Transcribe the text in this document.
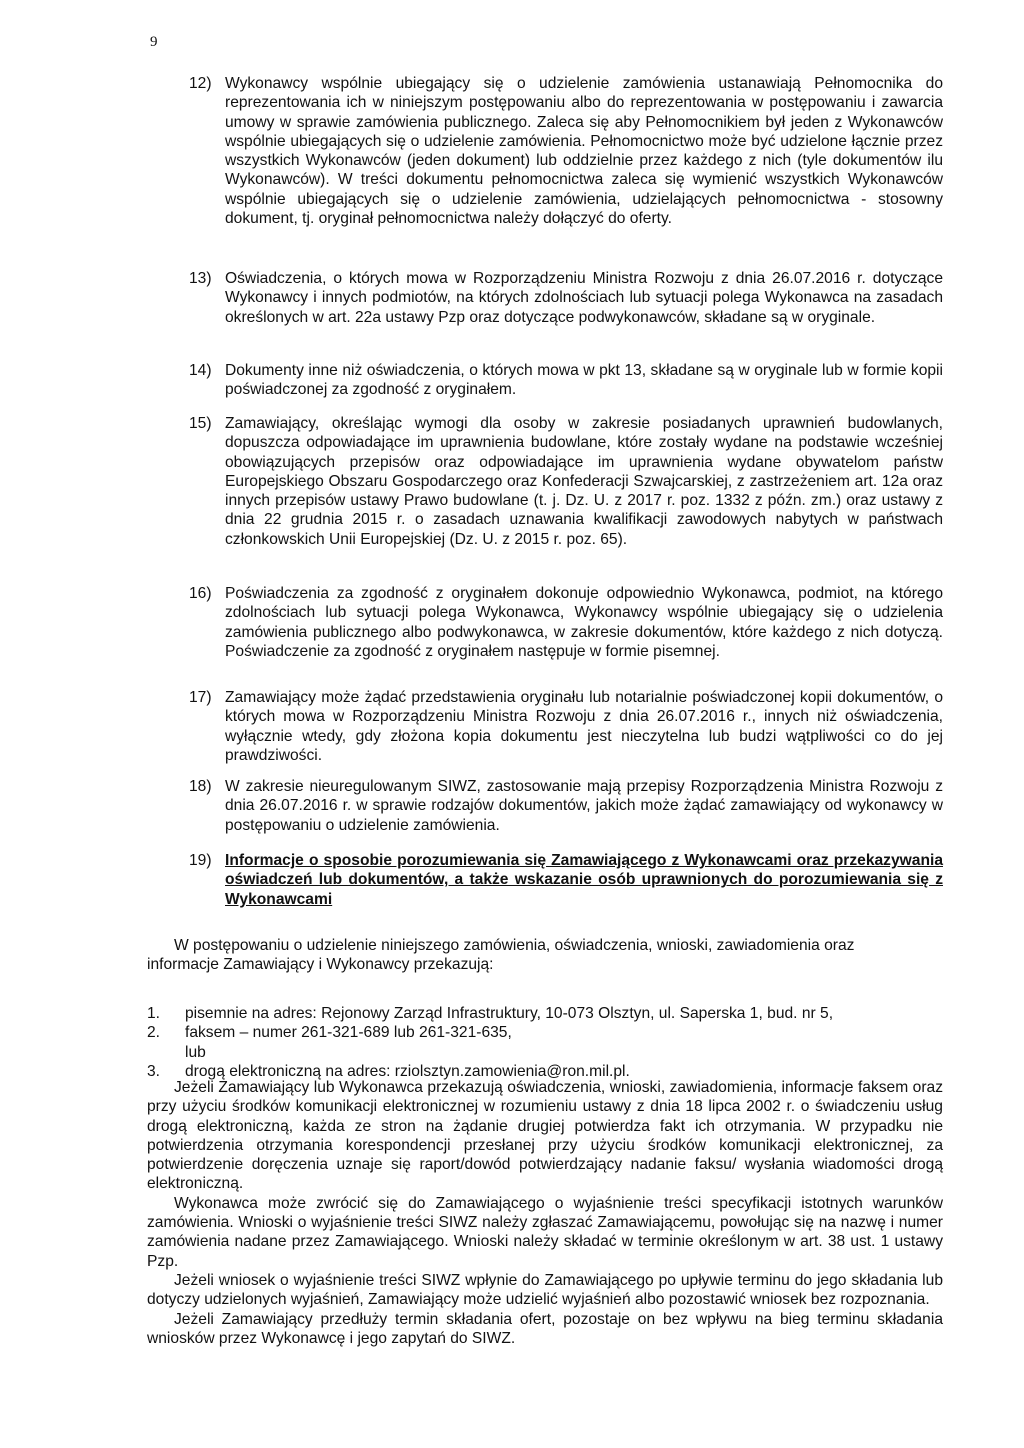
9
12) Wykonawcy wspólnie ubiegający się o udzielenie zamówienia ustanawiają Pełnomocnika do reprezentowania ich w niniejszym postępowaniu albo do reprezentowania w postępowaniu i zawarcia umowy w sprawie zamówienia publicznego. Zaleca się aby Pełnomocnikiem był jeden z Wykonawców wspólnie ubiegających się o udzielenie zamówienia. Pełnomocnictwo może być udzielone łącznie przez wszystkich Wykonawców (jeden dokument) lub oddzielnie przez każdego z nich (tyle dokumentów ilu Wykonawców). W treści dokumentu pełnomocnictwa zaleca się wymienić wszystkich Wykonawców wspólnie ubiegających się o udzielenie zamówienia, udzielających pełnomocnictwa - stosowny dokument, tj. oryginał pełnomocnictwa należy dołączyć do oferty.
13) Oświadczenia, o których mowa w Rozporządzeniu Ministra Rozwoju z dnia 26.07.2016 r. dotyczące Wykonawcy i innych podmiotów, na których zdolnościach lub sytuacji polega Wykonawca na zasadach określonych w art. 22a ustawy Pzp oraz dotyczące podwykonawców, składane są w oryginale.
14) Dokumenty inne niż oświadczenia, o których mowa w pkt 13, składane są w oryginale lub w formie kopii poświadczonej za zgodność z oryginałem.
15) Zamawiający, określając wymogi dla osoby w zakresie posiadanych uprawnień budowlanych, dopuszcza odpowiadające im uprawnienia budowlane, które zostały wydane na podstawie wcześniej obowiązujących przepisów oraz odpowiadające im uprawnienia wydane obywatelom państw Europejskiego Obszaru Gospodarczego oraz Konfederacji Szwajcarskiej, z zastrzeżeniem art. 12a oraz innych przepisów ustawy Prawo budowlane (t. j. Dz. U. z 2017 r. poz. 1332 z późn. zm.) oraz ustawy z dnia 22 grudnia 2015 r. o zasadach uznawania kwalifikacji zawodowych nabytych w państwach członkowskich Unii Europejskiej (Dz. U. z 2015 r. poz. 65).
16) Poświadczenia za zgodność z oryginałem dokonuje odpowiednio Wykonawca, podmiot, na którego zdolnościach lub sytuacji polega Wykonawca, Wykonawcy wspólnie ubiegający się o udzielenia zamówienia publicznego albo podwykonawca, w zakresie dokumentów, które każdego z nich dotyczą. Poświadczenie za zgodność z oryginałem następuje w formie pisemnej.
17) Zamawiający może żądać przedstawienia oryginału lub notarialnie poświadczonej kopii dokumentów, o których mowa w Rozporządzeniu Ministra Rozwoju z dnia 26.07.2016 r., innych niż oświadczenia, wyłącznie wtedy, gdy złożona kopia dokumentu jest nieczytelna lub budzi wątpliwości co do jej prawdziwości.
18) W zakresie nieuregulowanym SIWZ, zastosowanie mają przepisy Rozporządzenia Ministra Rozwoju z dnia 26.07.2016 r. w sprawie rodzajów dokumentów, jakich może żądać zamawiający od wykonawcy w postępowaniu o udzielenie zamówienia.
19) Informacje o sposobie porozumiewania się Zamawiającego z Wykonawcami oraz przekazywania oświadczeń lub dokumentów, a także wskazanie osób uprawnionych do porozumiewania się z Wykonawcami
W postępowaniu o udzielenie niniejszego zamówienia, oświadczenia, wnioski, zawiadomienia oraz
informacje Zamawiający i Wykonawcy przekazują:
1. pisemnie na adres: Rejonowy Zarząd Infrastruktury, 10-073 Olsztyn, ul. Saperska 1, bud. nr 5,
2. faksem – numer 261-321-689 lub 261-321-635,
lub
3. drogą elektroniczną na adres: rziolsztyn.zamowienia@ron.mil.pl.

Jeżeli Zamawiający lub Wykonawca przekazują oświadczenia, wnioski, zawiadomienia, informacje faksem oraz przy użyciu środków komunikacji elektronicznej w rozumieniu ustawy z dnia 18 lipca 2002 r. o świadczeniu usług drogą elektroniczną, każda ze stron na żądanie drugiej potwierdza fakt ich otrzymania. W przypadku nie potwierdzenia otrzymania korespondencji przesłanej przy użyciu środków komunikacji elektronicznej, za potwierdzenie doręczenia uznaje się raport/dowód potwierdzający nadanie faksu/ wysłania wiadomości drogą elektroniczną.

Wykonawca może zwrócić się do Zamawiającego o wyjaśnienie treści specyfikacji istotnych warunków zamówienia. Wnioski o wyjaśnienie treści SIWZ należy zgłaszać Zamawiającemu, powołując się na nazwę i numer zamówienia nadane przez Zamawiającego. Wnioski należy składać w terminie określonym w art. 38 ust. 1 ustawy Pzp.

Jeżeli wniosek o wyjaśnienie treści SIWZ wpłynie do Zamawiającego po upływie terminu do jego składania lub dotyczy udzielonych wyjaśnień, Zamawiający może udzielić wyjaśnień albo pozostawić wniosek bez rozpoznania.

Jeżeli Zamawiający przedłuży termin składania ofert, pozostaje on bez wpływu na bieg terminu składania wniosków przez Wykonawcę i jego zapytań do SIWZ.
